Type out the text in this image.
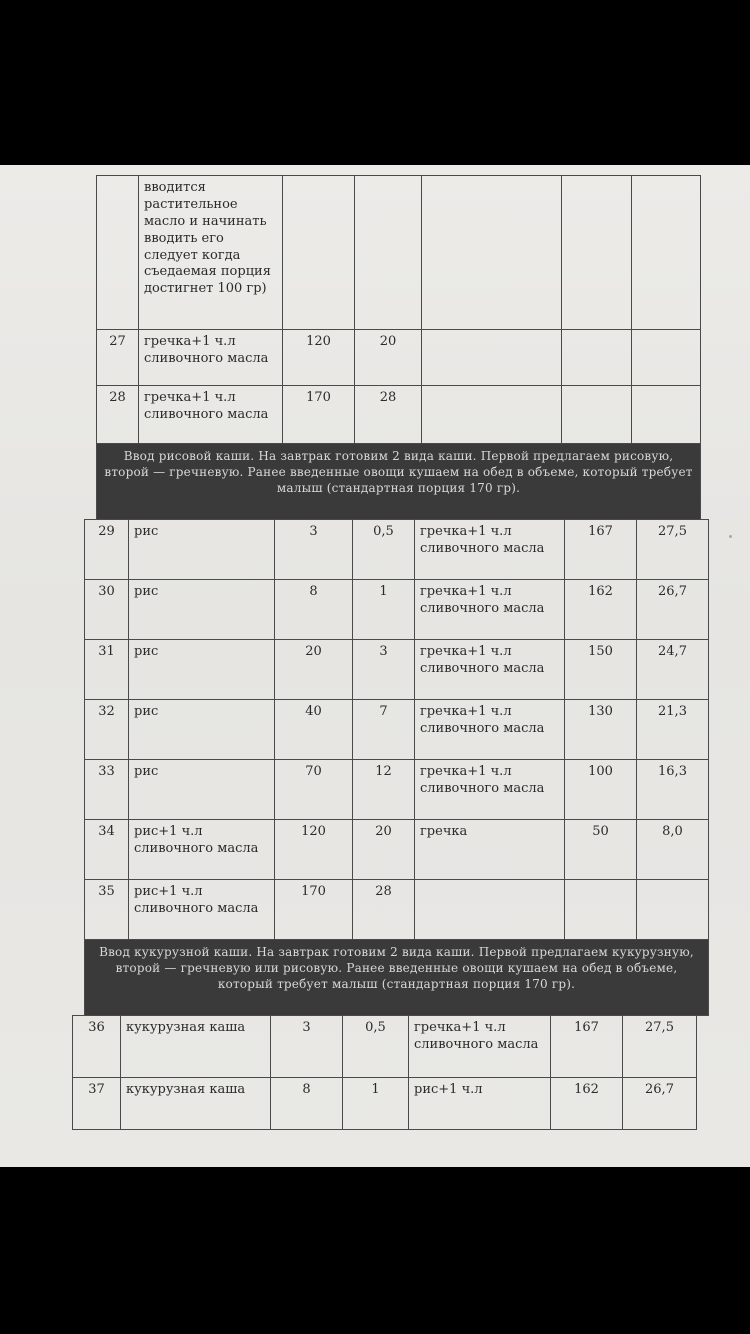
	вводится растительное масло и начинать вводить его следует когда съедаемая порция достигнет 100 гр)					
27	гречка+1 ч.л сливочного масла	120	20			
28	гречка+1 ч.л сливочного масла	170	28			
Ввод рисовой каши. На завтрак готовим 2 вида каши. Первой предлагаем рисовую, второй — гречневую. Ранее введенные овощи кушаем на обед в объеме, который требует малыш (стандартная порция 170 гр).						
29	рис	3	0,5	гречка+1 ч.л сливочного масла	167	27,5
30	рис	8	1	гречка+1 ч.л сливочного масла	162	26,7
31	рис	20	3	гречка+1 ч.л сливочного масла	150	24,7
32	рис	40	7	гречка+1 ч.л сливочного масла	130	21,3
33	рис	70	12	гречка+1 ч.л сливочного масла	100	16,3
34	рис+1 ч.л сливочного масла	120	20	гречка	50	8,0
35	рис+1 ч.л сливочного масла	170	28			
Ввод кукурузной каши. На завтрак готовим 2 вида каши. Первой предлагаем кукурузную, второй — гречневую или рисовую. Ранее введенные овощи кушаем на обед в объеме, который требует малыш (стандартная порция 170 гр).						
36	кукурузная каша	3	0,5	гречка+1 ч.л сливочного масла	167	27,5
37	кукурузная каша	8	1	рис+1 ч.л	162	26,7
